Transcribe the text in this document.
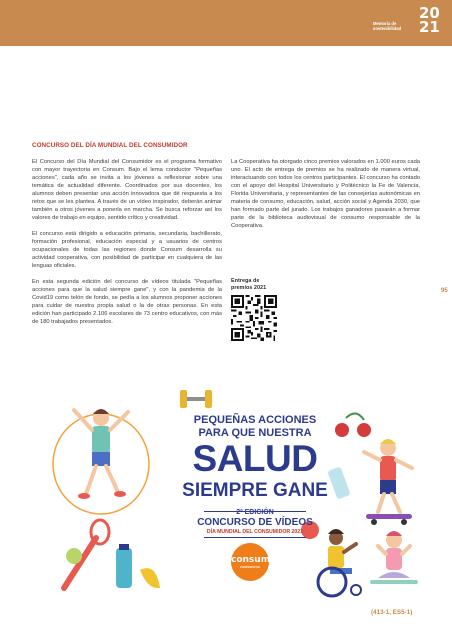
Memoria de
sostenibilidad
20
21
95
CONCURSO DEL DÍA MUNDIAL DEL CONSUMIDOR

El Concurso del Día Mundial del Consumidor es el programa formativo con mayor trayectoria en Consum. Bajo el lema conductor "Pequeñas acciones", cada año se invita a los jóvenes a reflexionar sobre una temática de actualidad diferente. Coordinados por sus docentes, los alumnos deben presentar una acción innovadora que dé respuesta a los retos que se les plantea. A través de un vídeo inspirador, deberán animar también a otros jóvenes a ponerla en marcha. Se busca reforzar así los valores de trabajo en equipo, sentido crítico y creatividad.

El concurso está dirigido a educación primaria, secundaria, bachillerato, formación profesional, educación especial y a usuarios de centros ocupacionales de todas las regiones donde Consum desarrolla su actividad cooperativa, con posibilidad de participar en cualquiera de las lenguas oficiales.

En esta segunda edición del concurso de vídeos titulada "Pequeñas acciones para que la salud siempre gane", y con la pandemia de la Covid19 como telón de fondo, se pedía a los alumnos proponer acciones para cuidar de nuestra propia salud o la de otras personas. En esta edición han participado 2.106 escolares de 73 centro educativos, con más de 180 trabajados presentados.

La Cooperativa ha otorgado cinco premios valorados en 1.000 euros cada uno. El acto de entrega de premios se ha realizado de manera virtual, interactuando con todos los centros participantes. El concurso ha contado con el apoyo del Hospital Universitario y Politécnico la Fe de Valencia, Florida Universitaria, y representantes de las consejerías autonómicas en materia de consumo, educación, salud, acción social y Agenda 2030, que han formado parte del jurado. Los trabajos ganadores pasarán a formar parte de la biblioteca audiovisual de consumo responsable de la Cooperativa.

Entrega de
premios 2021
PEQUEÑAS ACCIONES
PARA QUE NUESTRA
SALUD
SIEMPRE GANE
2ª EDICIÓN
CONCURSO DE VÍDEOS
DÍA MUNDIAL DEL CONSUMIDOR 2021
consum
COOPERATIVA
(413-1, ES5-1)
